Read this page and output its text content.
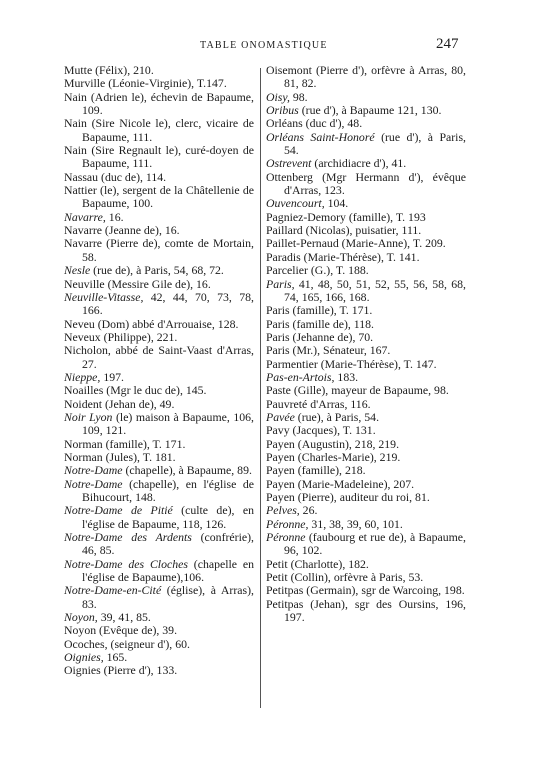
TABLE ONOMASTIQUE	247

Mutte (Félix), 210.

Murville (Léonie-Virginie), T.147.

Nain (Adrien le), échevin de Bapaume, 109.

Nain (Sire Nicole le), clerc, vicaire de Bapaume, 111.

Nain (Sire Regnault le), curé-doyen de Bapaume, 111.

Nassau (duc de), 114.

Nattier (le), sergent de la Châtellenie de Bapaume, 100.

Navarre, 16.

Navarre (Jeanne de), 16.

Navarre (Pierre de), comte de Mortain, 58.

Nesle (rue de), à Paris, 54, 68, 72.

Neuville (Messire Gile de), 16.

Neuville-Vitasse, 42, 44, 70, 73, 78, 166.

Neveu (Dom) abbé d'Arrouaise, 128.

Neveux (Philippe), 221.

Nicholon, abbé de Saint-Vaast d'Arras, 27.

Nieppe, 197.

Noailles (Mgr le duc de), 145.

Noident (Jehan de), 49.

Noir Lyon (le) maison à Bapaume, 106, 109, 121.

Norman (famille), T. 171.

Norman (Jules), T. 181.

Notre-Dame (chapelle), à Bapaume, 89.

Notre-Dame (chapelle), en l'église de Bihucourt, 148.

Notre-Dame de Pitié (culte de), en l'église de Bapaume, 118, 126.

Notre-Dame des Ardents (confrérie), 46, 85.

Notre-Dame des Cloches (chapelle en l'église de Bapaume),106.

Notre-Dame-en-Cité (église), à Arras), 83.

Noyon, 39, 41, 85.

Noyon (Evêque de), 39.

Ocoches, (seigneur d'), 60.

Oignies, 165.

Oignies (Pierre d'), 133.

Oisemont (Pierre d'), orfèvre à Arras, 80, 81, 82.

Oisy, 98.

Oribus (rue d'), à Bapaume 121, 130.

Orléans (duc d'), 48.

Orléans Saint-Honoré (rue d'), à Paris, 54.

Ostrevent (archidiacre d'), 41.

Ottenberg (Mgr Hermann d'), évêque d'Arras, 123.

Ouvencourt, 104.

Pagniez-Demory (famille), T. 193

Paillard (Nicolas), puisatier, 111.

Paillet-Pernaud (Marie-Anne), T. 209.

Paradis (Marie-Thérèse), T. 141.

Parcelier (G.), T. 188.

Paris, 41, 48, 50, 51, 52, 55, 56, 58, 68, 74, 165, 166, 168.

Paris (famille), T. 171.

Paris (famille de), 118.

Paris (Jehanne de), 70.

Paris (Mr.), Sénateur, 167.

Parmentier (Marie-Thérèse), T. 147.

Pas-en-Artois, 183.

Paste (Gille), mayeur de Bapaume, 98.

Pauvreté d'Arras, 116.

Pavée (rue), à Paris, 54.

Pavy (Jacques), T. 131.

Payen (Augustin), 218, 219.

Payen (Charles-Marie), 219.

Payen (famille), 218.

Payen (Marie-Madeleine), 207.

Payen (Pierre), auditeur du roi, 81.

Pelves, 26.

Péronne, 31, 38, 39, 60, 101.

Péronne (faubourg et rue de), à Bapaume, 96, 102.

Petit (Charlotte), 182.

Petit (Collin), orfèvre à Paris, 53.

Petitpas (Germain), sgr de Warcoing, 198.

Petitpas (Jehan), sgr des Oursins, 196, 197.
